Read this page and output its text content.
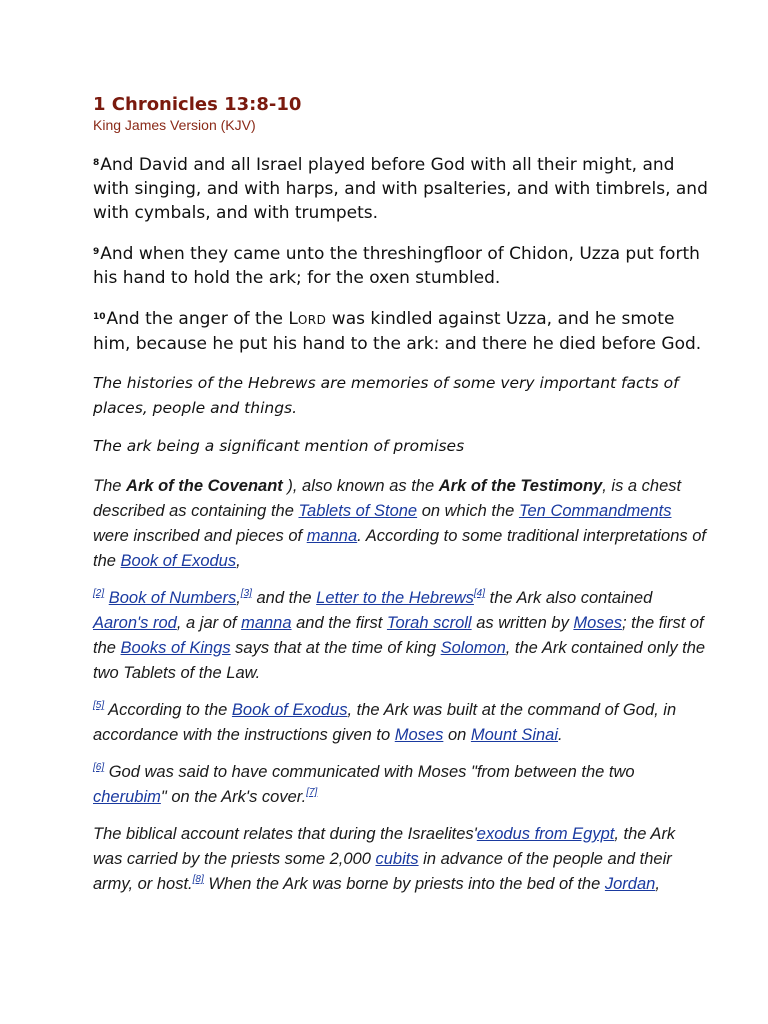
1 Chronicles 13:8-10
King James Version (KJV)

$^8$And David and all Israel played before God with all their might, and with singing, and with harps, and with psalteries, and with timbrels, and with cymbals, and with trumpets.

$^9$And when they came unto the threshingfloor of Chidon, Uzza put forth his hand to hold the ark; for the oxen stumbled.

$^{10}$And the anger of the LORD was kindled against Uzza, and he smote him, because he put his hand to the ark: and there he died before God.

The histories of the Hebrews are memories of some very important facts of places, people and things.

The ark being a significant mention of promises

The Ark of the Covenant ), also known as the Ark of the Testimony, is a chest described as containing the Tablets of Stone on which the Ten Commandments were inscribed and pieces of manna. According to some traditional interpretations of the Book of Exodus,

[2] Book of Numbers,[3] and the Letter to the Hebrews[4] the Ark also contained Aaron's rod, a jar of manna and the first Torah scroll as written by Moses; the first of the Books of Kings says that at the time of king Solomon, the Ark contained only the two Tablets of the Law.

[5] According to the Book of Exodus, the Ark was built at the command of God, in accordance with the instructions given to Moses on Mount Sinai.

[6] God was said to have communicated with Moses "from between the two cherubim" on the Ark's cover.[7]

The biblical account relates that during the Israelites'exodus from Egypt, the Ark was carried by the priests some 2,000 cubits in advance of the people and their army, or host.[8] When the Ark was borne by priests into the bed of the Jordan,
